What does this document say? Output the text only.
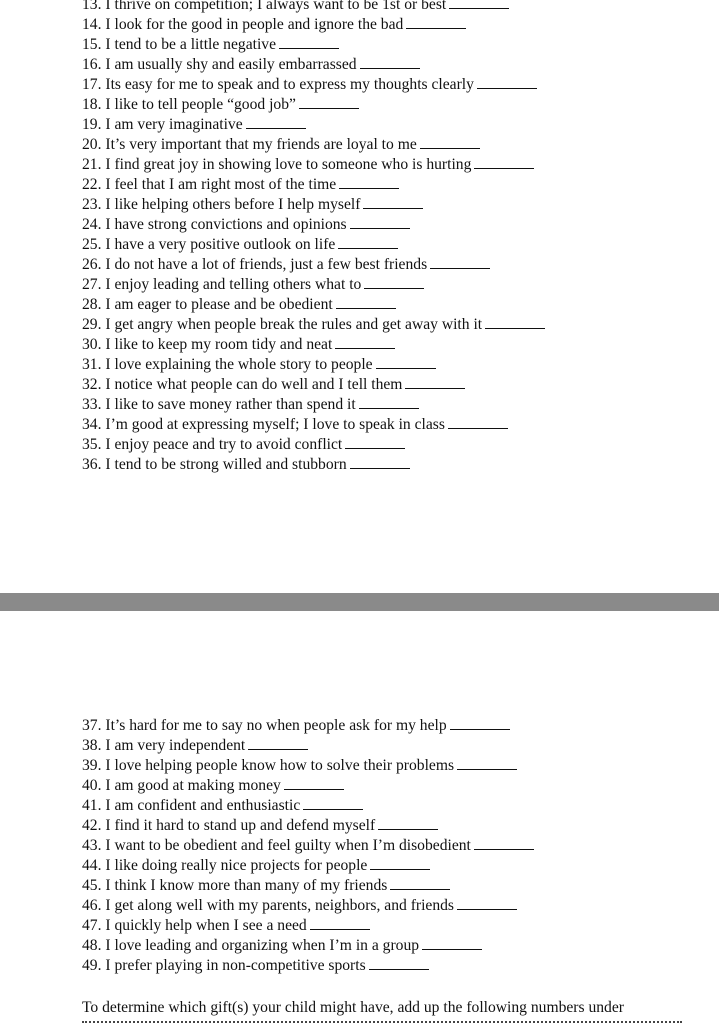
13. I thrive on competition; I always want to be 1st or best
14. I look for the good in people and ignore the bad
15. I tend to be a little negative
16. I am usually shy and easily embarrassed
17. Its easy for me to speak and to express my thoughts clearly
18. I like to tell people “good job”
19. I am very imaginative
20. It’s very important that my friends are loyal to me
21. I find great joy in showing love to someone who is hurting
22. I feel that I am right most of the time
23. I like helping others before I help myself
24. I have strong convictions and opinions
25. I have a very positive outlook on life
26. I do not have a lot of friends, just a few best friends
27. I enjoy leading and telling others what to
28. I am eager to please and be obedient
29. I get angry when people break the rules and get away with it
30. I like to keep my room tidy and neat
31. I love explaining the whole story to people
32. I notice what people can do well and I tell them
33. I like to save money rather than spend it
34. I’m good at expressing myself; I love to speak in class
35. I enjoy peace and try to avoid conflict
36. I tend to be strong willed and stubborn
37. It’s hard for me to say no when people ask for my help
38. I am very independent
39. I love helping people know how to solve their problems
40. I am good at making money
41. I am confident and enthusiastic
42. I find it hard to stand up and defend myself
43. I want to be obedient and feel guilty when I’m disobedient
44. I like doing really nice projects for people
45. I think I know more than many of my friends
46. I get along well with my parents, neighbors, and friends
47. I quickly help when I see a need
48. I love leading and organizing when I’m in a group
49. I prefer playing in non-competitive sports
To determine which gift(s) your child might have, add up the following numbers under
